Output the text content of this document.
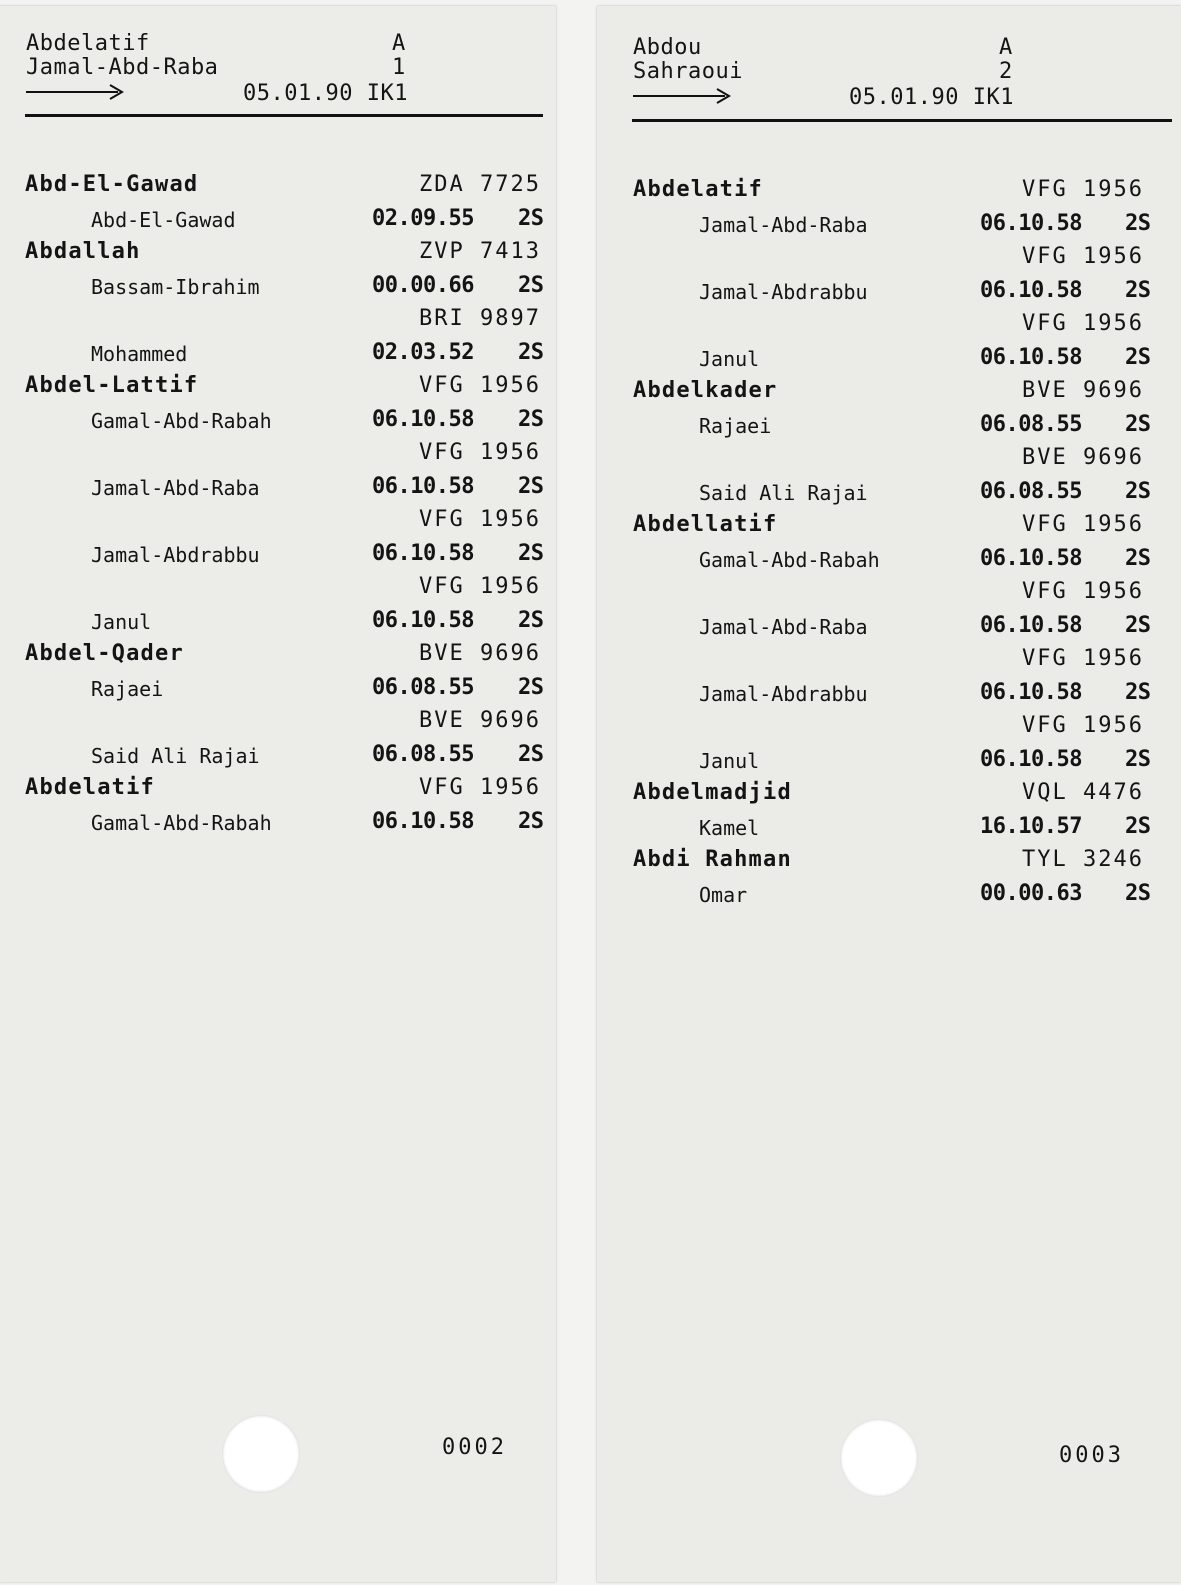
Abdelatif
Jamal-Abd-Raba
A
1
05.01.90 IK1
Abd-El-Gawad	ZDA 7725
Abd-El-Gawad	02.09.55 2S
Abdallah	ZVP 7413
Bassam-Ibrahim	00.00.66 2S
BRI 9897
Mohammed	02.03.52 2S
Abdel-Lattif	VFG 1956
Gamal-Abd-Rabah	06.10.58 2S
VFG 1956
Jamal-Abd-Raba	06.10.58 2S
VFG 1956
Jamal-Abdrabbu	06.10.58 2S
VFG 1956
Janul	06.10.58 2S
Abdel-Qader	BVE 9696
Rajaei	06.08.55 2S
BVE 9696
Said Ali Rajai	06.08.55 2S
Abdelatif	VFG 1956
Gamal-Abd-Rabah	06.10.58 2S
0002
Abdou
Sahraoui
A
2
05.01.90 IK1
Abdelatif	VFG 1956
Jamal-Abd-Raba	06.10.58 2S
VFG 1956
Jamal-Abdrabbu	06.10.58 2S
VFG 1956
Janul	06.10.58 2S
Abdelkader	BVE 9696
Rajaei	06.08.55 2S
BVE 9696
Said Ali Rajai	06.08.55 2S
Abdellatif	VFG 1956
Gamal-Abd-Rabah	06.10.58 2S
VFG 1956
Jamal-Abd-Raba	06.10.58 2S
VFG 1956
Jamal-Abdrabbu	06.10.58 2S
VFG 1956
Janul	06.10.58 2S
Abdelmadjid	VQL 4476
Kamel	16.10.57 2S
Abdi Rahman	TYL 3246
Omar	00.00.63 2S
0003
